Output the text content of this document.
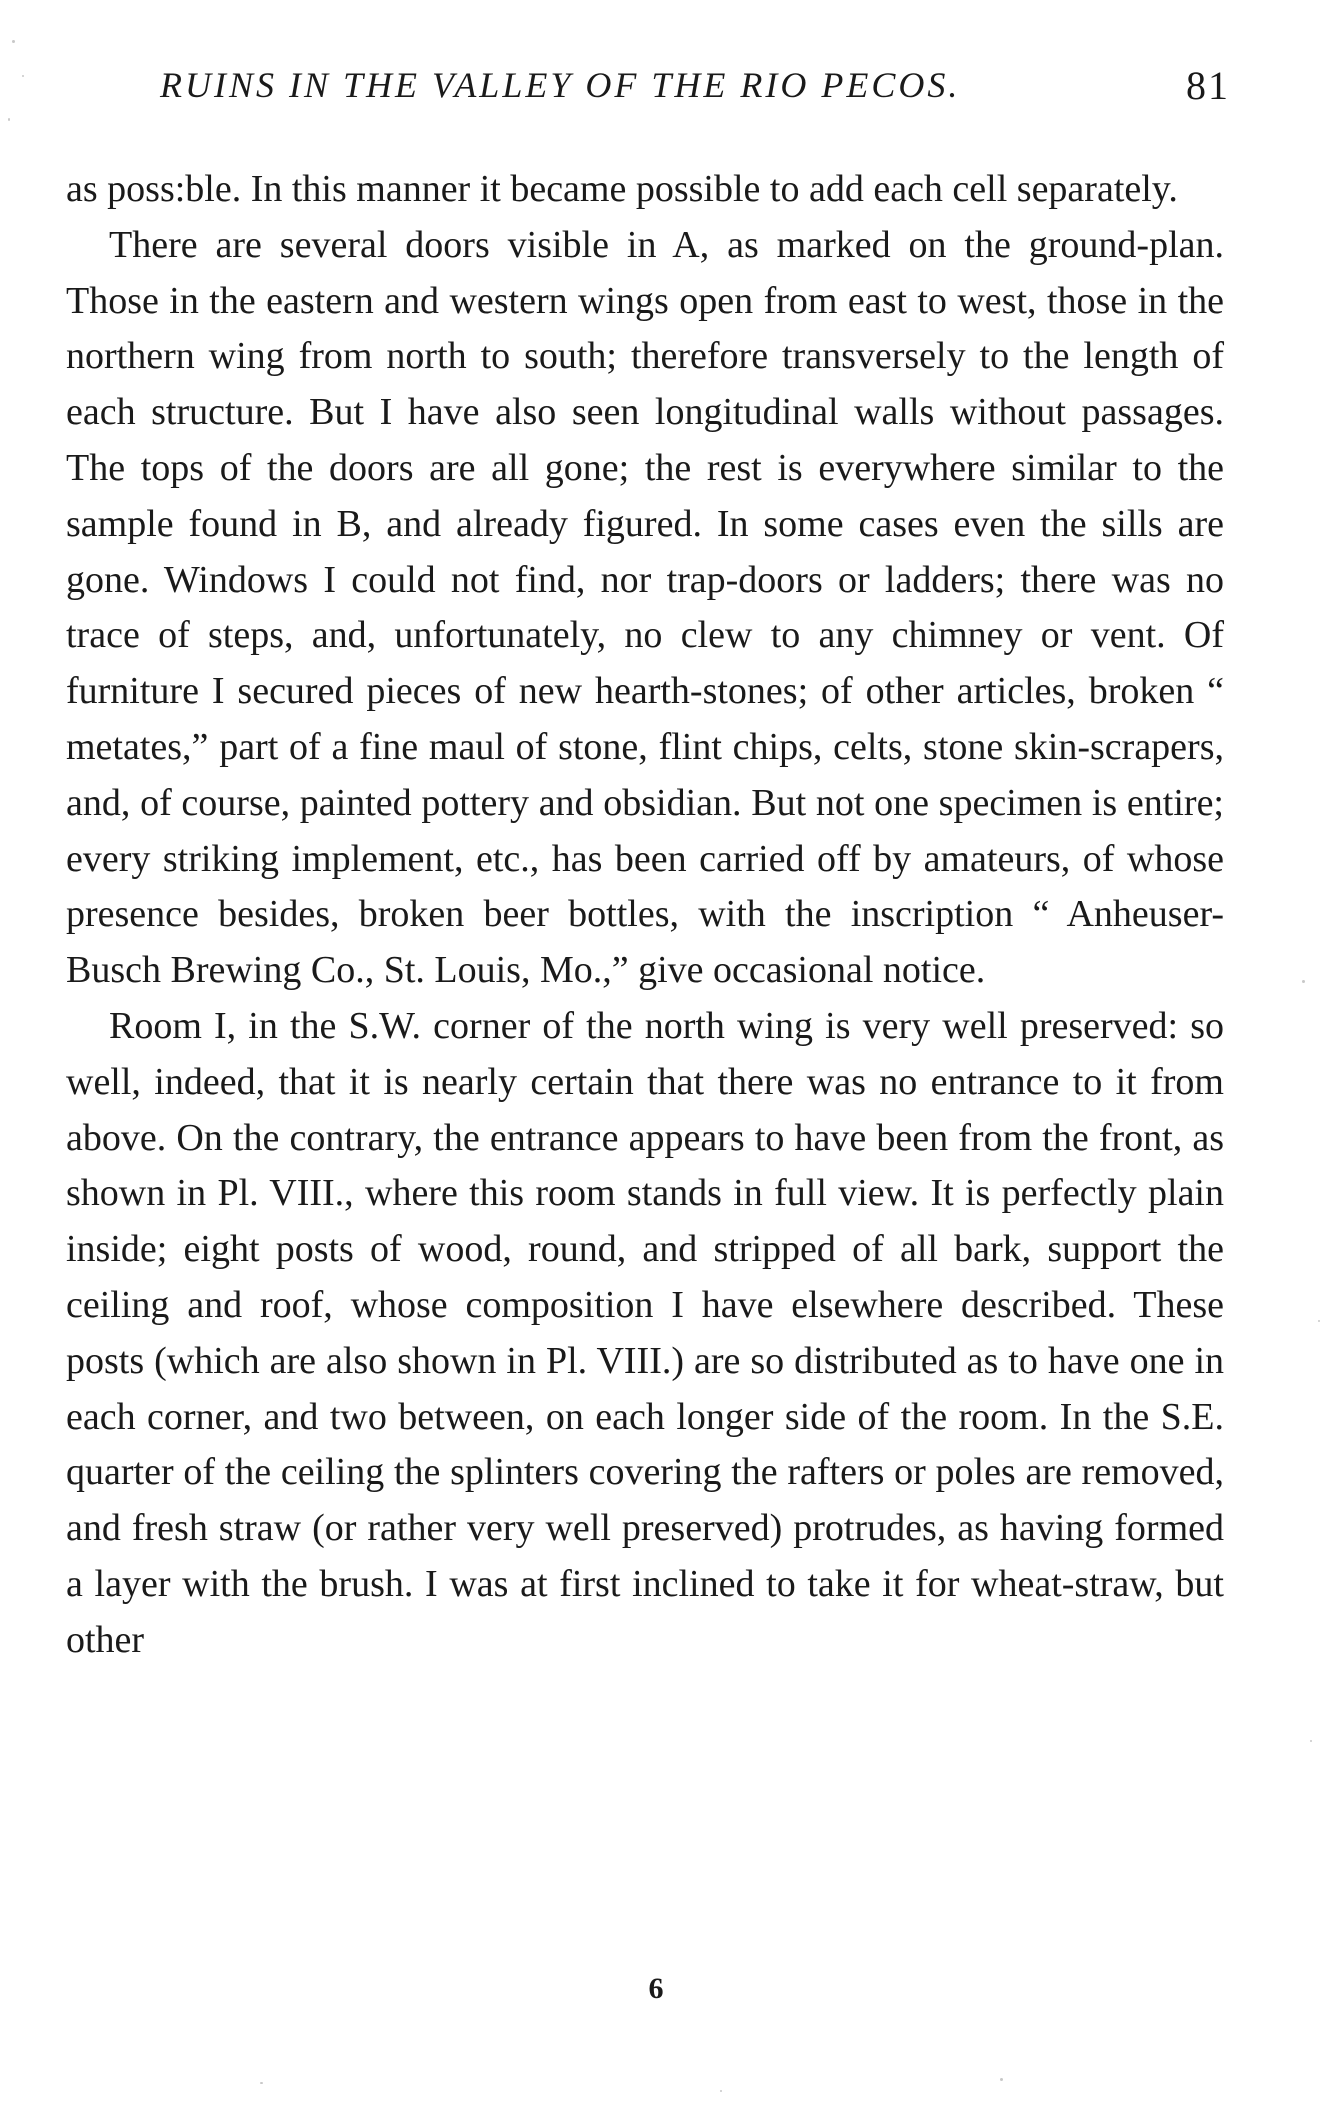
RUINS IN THE VALLEY OF THE RIO PECOS.	81

as poss:ble. In this manner it became possible to add each cell separately.

There are several doors visible in A, as marked on the ground-plan. Those in the eastern and western wings open from east to west, those in the northern wing from north to south; therefore transversely to the length of each structure. But I have also seen longitudinal walls without passages. The tops of the doors are all gone; the rest is everywhere similar to the sample found in B, and already figured. In some cases even the sills are gone. Windows I could not find, nor trap-doors or ladders; there was no trace of steps, and, unfortunately, no clew to any chimney or vent. Of furniture I secured pieces of new hearth-stones; of other articles, broken “ metates,” part of a fine maul of stone, flint chips, celts, stone skin-scrapers, and, of course, painted pottery and obsidian. But not one specimen is entire; every striking implement, etc., has been carried off by amateurs, of whose presence besides, broken beer bottles, with the inscription “ Anheuser-Busch Brewing Co., St. Louis, Mo.,” give occasional notice.

Room I, in the S.W. corner of the north wing is very well preserved: so well, indeed, that it is nearly certain that there was no entrance to it from above. On the contrary, the entrance appears to have been from the front, as shown in Pl. VIII., where this room stands in full view. It is perfectly plain inside; eight posts of wood, round, and stripped of all bark, support the ceiling and roof, whose composition I have elsewhere described. These posts (which are also shown in Pl. VIII.) are so distributed as to have one in each corner, and two between, on each longer side of the room. In the S.E. quarter of the ceiling the splinters covering the rafters or poles are removed, and fresh straw (or rather very well preserved) protrudes, as having formed a layer with the brush. I was at first inclined to take it for wheat-straw, but other

6
